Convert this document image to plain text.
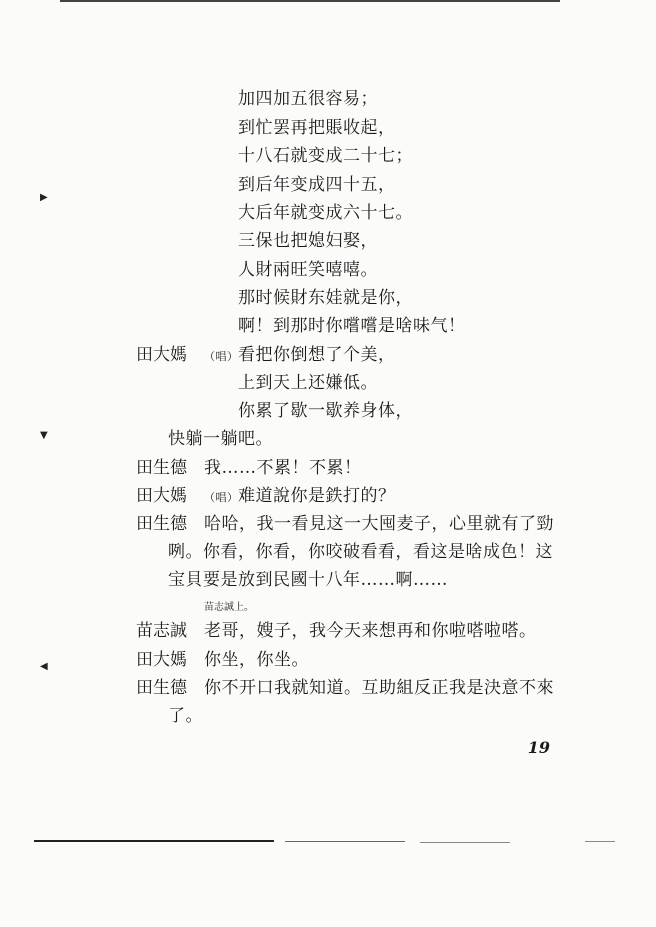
加四加五很容易；
到忙罢再把賬收起，
十八石就变成二十七；
到后年变成四十五，
大后年就变成六十七。
三保也把媳妇娶，
人財兩旺笑嘻嘻。
那时候財东娃就是你，
啊！到那时你嚐嚐是啥味气！
田大媽 （唱） 看把你倒想了个美，
上到天上还嫌低。
你累了歇一歇养身体，
快躺一躺吧。
田生德 我……不累！不累！
田大媽 （唱） 难道說你是鉄打的？
田生德 哈哈，我一看見这一大囤麦子，心里就有了勁
咧。你看，你看，你咬破看看，看这是啥成色！这
宝貝要是放到民國十八年……啊……
苗志誠上。
苗志誠 老哥，嫂子，我今天来想再和你啦嗒啦嗒。
田大媽 你坐，你坐。
田生德 你不开口我就知道。互助組反正我是決意不來
了。
19
▶
▼
◀
